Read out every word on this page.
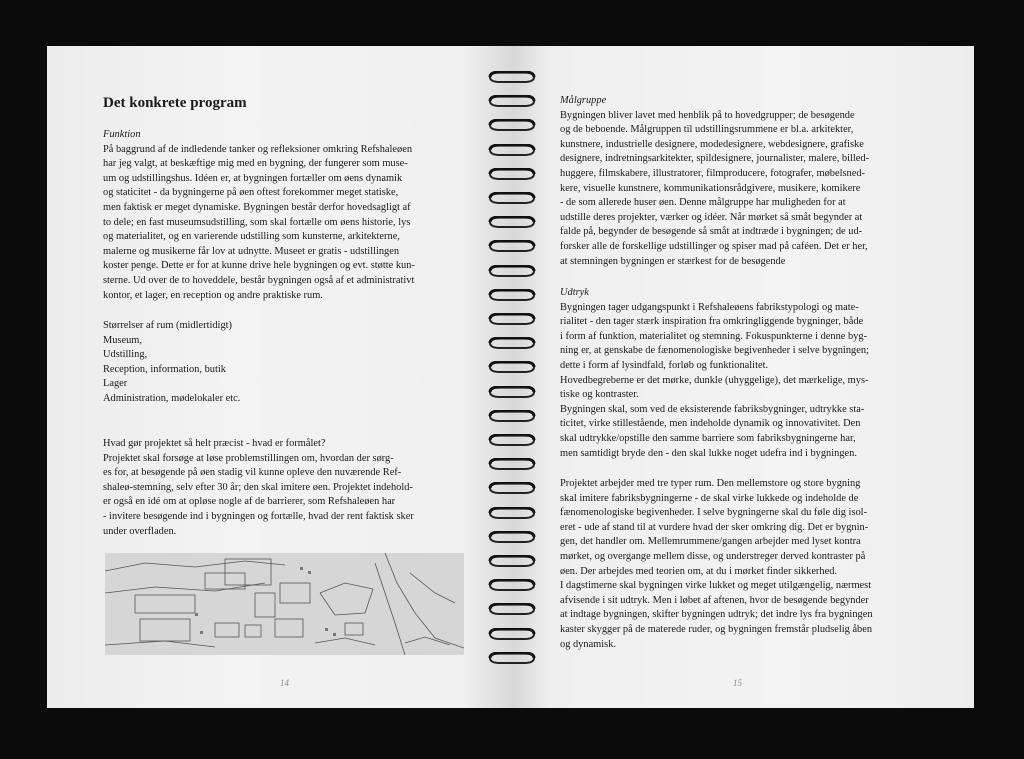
Det konkrete program
Funktion
På baggrund af de indledende tanker og refleksioner omkring Refshaleøen
har jeg valgt, at beskæftige mig med en bygning, der fungerer som muse-
um og udstillingshus. Idéen er, at bygningen fortæller om øens dynamik
og staticitet - da bygningerne på øen oftest forekommer meget statiske,
men faktisk er meget dynamiske. Bygningen består derfor hovedsagligt af
to dele; en fast museumsudstilling, som skal fortælle om øens historie, lys
og materialitet, og en varierende udstilling som kunsterne, arkitekterne,
malerne og musikerne får lov at udnytte. Museet er gratis - udstillingen
koster penge. Dette er for at kunne drive hele bygningen og evt. støtte kun-
sterne. Ud over de to hoveddele, består bygningen også af et administrativt
kontor, et lager, en reception og andre praktiske rum.
Størrelser af rum (midlertidigt)
Museum,
Udstilling,
Reception, information, butik
Lager
Administration, mødelokaler etc.
Hvad gør projektet så helt præcist - hvad er formålet?
Projektet skal forsøge at løse problemstillingen om, hvordan der sørg-
es for, at besøgende på øen stadig vil kunne opleve den nuværende Ref-
shaleø-stemning, selv efter 30 år; den skal imitere øen. Projektet indehold-
er også en idé om at opløse nogle af de barrierer, som Refshaleøen har
- invitere besøgende ind i bygningen og fortælle, hvad der rent faktisk sker
under overfladen.
14
Målgruppe
Bygningen bliver lavet med henblik på to hovedgrupper; de besøgende
og de beboende. Målgruppen til udstillingsrummene er bl.a. arkitekter,
kunstnere, industrielle designere, modedesignere, webdesignere, grafiske
designere, indretningsarkitekter, spildesignere, journalister, malere, billed-
huggere, filmskabere, illustratorer, filmproducere, fotografer, møbelsned-
kere, visuelle kunstnere, kommunikationsrådgivere, musikere, komikere
- de som allerede huser øen. Denne målgruppe har muligheden for at
udstille deres projekter, værker og idéer. Når mørket så småt begynder at
falde på, begynder de besøgende så småt at indtræde i bygningen; de ud-
forsker alle de forskellige udstillinger og spiser mad på caféen. Det er her,
at stemningen bygningen er stærkest for de besøgende
Udtryk
Bygningen tager udgangspunkt i Refshaleøens fabrikstypologi og mate-
rialitet - den tager stærk inspiration fra omkringliggende bygninger, både
i form af funktion, materialitet og stemning. Fokuspunkterne i denne byg-
ning er, at genskabe de fænomenologiske begivenheder i selve bygningen;
dette i form af lysindfald, forløb og funktionalitet.
Hovedbegreberne er det mørke, dunkle (uhyggelige), det mærkelige, mys-
tiske og kontraster.
Bygningen skal, som ved de eksisterende fabriksbygninger, udtrykke sta-
ticitet, virke stillestående, men indeholde dynamik og innovativitet. Den
skal udtrykke/opstille den samme barriere som fabriksbygningerne har,
men samtidigt bryde den - den skal lukke noget udefra ind i bygningen.
Projektet arbejder med tre typer rum. Den mellemstore og store bygning
skal imitere fabriksbygningerne - de skal virke lukkede og indeholde de
fænomenologiske begivenheder. I selve bygningerne skal du føle dig isol-
eret - ude af stand til at vurdere hvad der sker omkring dig. Det er bygnin-
gen, det handler om. Mellemrummene/gangen arbejder med lyset kontra
mørket, og overgange mellem disse, og understreger derved kontraster på
øen. Der arbejdes med teorien om, at du i mørket finder sikkerhed.
I dagstimerne skal bygningen virke lukket og meget utilgængelig, nærmest
afvisende i sit udtryk. Men i løbet af aftenen, hvor de besøgende begynder
at indtage bygningen, skifter bygningen udtryk; det indre lys fra bygningen
kaster skygger på de materede ruder, og bygningen fremstår pludselig åben
og dynamisk.
15
